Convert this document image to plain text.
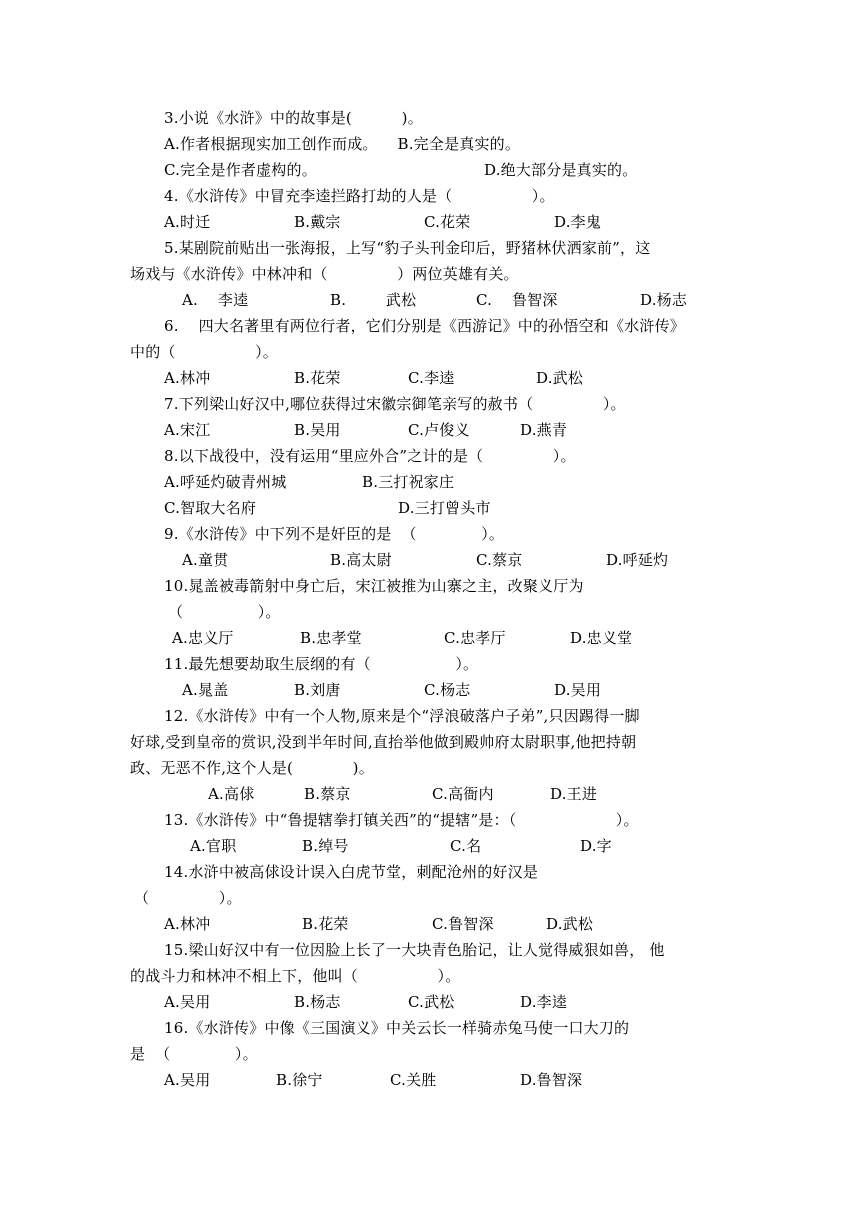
3.小说《水浒》中的故事是(          )。
A.作者根据现实加工创作而成。    B.完全是真实的。
C.完全是作者虚构的。	D.绝大部分是真实的。
4.《水浒传》中冒充李逵拦路打劫的人是（                ）。
A.时迁	B.戴宗	C.花荣	D.李鬼
5.某剧院前贴出一张海报，上写“豹子头刊金印后，野猪林伏洒家前”，这
场戏与《水浒传》中林冲和（              ）两位英雄有关。
A.    李逵	B.        武松	C.    鲁智深	D.杨志
6.    四大名著里有两位行者，它们分别是《西游记》中的孙悟空和《水浒传》
中的（                ）。
A.林冲	B.花荣	C.李逵	D.武松
7.下列梁山好汉中,哪位获得过宋徽宗御笔亲写的赦书（              ）。
A.宋江	B.吴用	C.卢俊义	D.燕青
8.以下战役中，没有运用“里应外合”之计的是（              ）。
A.呼延灼破青州城	B.三打祝家庄
C.智取大名府	D.三打曾头市
9.《水浒传》中下列不是奸臣的是  （             ）。
A.童贯	B.高太尉	C.蔡京	D.呼延灼
10.晁盖被毒箭射中身亡后，宋江被推为山寨之主，改聚义厅为
（               ）。
A.忠义厅	B.忠孝堂	C.忠孝厅	D.忠义堂
11.最先想要劫取生辰纲的有（                 ）。
A.晁盖	B.刘唐	C.杨志	D.吴用
12.《水浒传》中有一个人物,原来是个“浮浪破落户子弟”,只因踢得一脚
好球,受到皇帝的赏识,没到半年时间,直抬举他做到殿帅府太尉职事,他把持朝
政、无恶不作,这个人是(            )。
A.高俅	B.蔡京	C.高衙内	D.王进
13.《水浒传》中“鲁提辖拳打镇关西”的“提辖”是：（                    ）。
A.官职	B.绰号	C.名	D.字
14.水浒中被高俅设计误入白虎节堂，刺配沧州的好汉是
（              ）。
A.林冲	B.花荣	C.鲁智深	D.武松
15.梁山好汉中有一位因脸上长了一大块青色胎记，让人觉得威狠如兽， 他
的战斗力和林冲不相上下，他叫（                ）。
A.吴用	B.杨志	C.武松	D.李逵
16.《水浒传》中像《三国演义》中关云长一样骑赤兔马使一口大刀的
是  （             ）。
A.吴用	B.徐宁	C.关胜	D.鲁智深
